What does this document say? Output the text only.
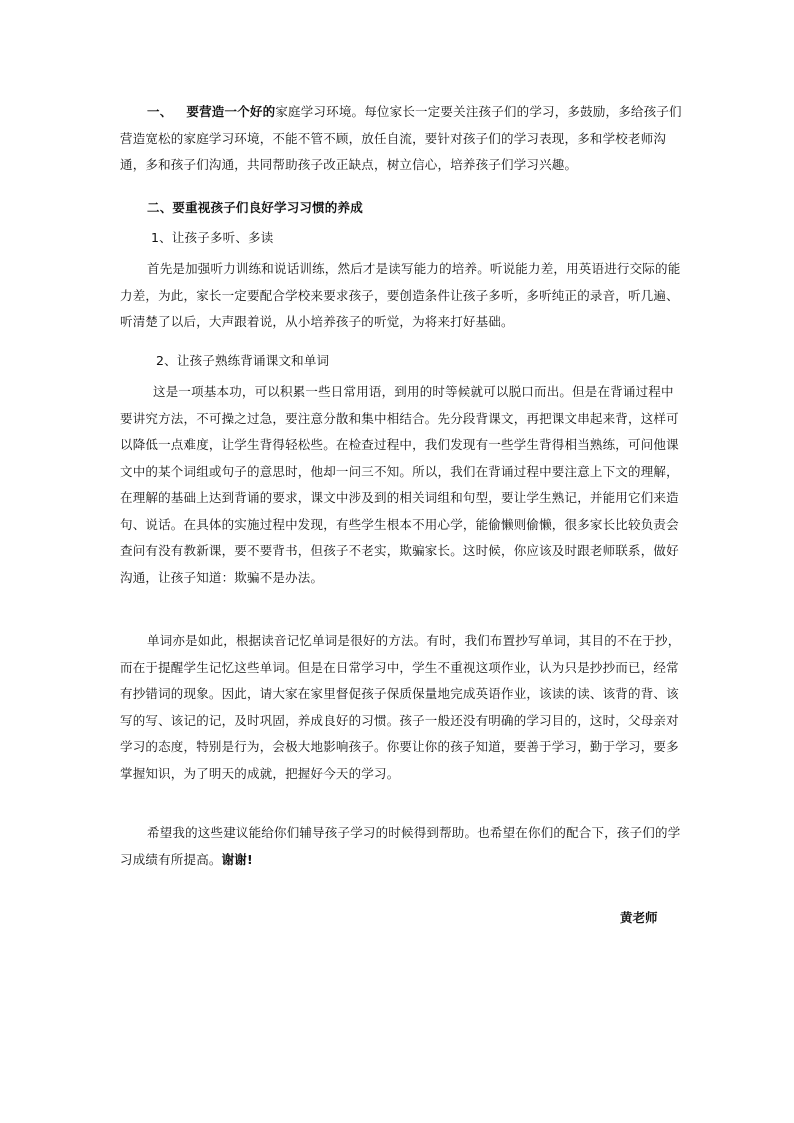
一、 要营造一个好的家庭学习环境。每位家长一定要关注孩子们的学习，多鼓励，多给孩子们营造宽松的家庭学习环境，不能不管不顾，放任自流，要针对孩子们的学习表现，多和学校老师沟通，多和孩子们沟通，共同帮助孩子改正缺点，树立信心，培养孩子们学习兴趣。

二、要重视孩子们良好学习习惯的养成

1、让孩子多听、多读

首先是加强听力训练和说话训练，然后才是读写能力的培养。听说能力差，用英语进行交际的能力差，为此，家长一定要配合学校来要求孩子，要创造条件让孩子多听，多听纯正的录音，听几遍、听清楚了以后，大声跟着说，从小培养孩子的听觉，为将来打好基础。

2、让孩子熟练背诵课文和单词

这是一项基本功，可以积累一些日常用语，到用的时等候就可以脱口而出。但是在背诵过程中要讲究方法，不可操之过急，要注意分散和集中相结合。先分段背课文，再把课文串起来背，这样可以降低一点难度，让学生背得轻松些。在检查过程中，我们发现有一些学生背得相当熟练，可问他课文中的某个词组或句子的意思时，他却一问三不知。所以，我们在背诵过程中要注意上下文的理解，在理解的基础上达到背诵的要求，课文中涉及到的相关词组和句型，要让学生熟记，并能用它们来造句、说话。在具体的实施过程中发现，有些学生根本不用心学，能偷懒则偷懒，很多家长比较负责会查问有没有教新课，要不要背书，但孩子不老实，欺骗家长。这时候，你应该及时跟老师联系，做好沟通，让孩子知道：欺骗不是办法。

单词亦是如此，根据读音记忆单词是很好的方法。有时，我们布置抄写单词，其目的不在于抄，而在于提醒学生记忆这些单词。但是在日常学习中，学生不重视这项作业，认为只是抄抄而已，经常有抄错词的现象。因此，请大家在家里督促孩子保质保量地完成英语作业，该读的读、该背的背、该写的写、该记的记，及时巩固，养成良好的习惯。孩子一般还没有明确的学习目的，这时，父母亲对学习的态度，特别是行为，会极大地影响孩子。你要让你的孩子知道，要善于学习，勤于学习，要多掌握知识，为了明天的成就，把握好今天的学习。

希望我的这些建议能给你们辅导孩子学习的时候得到帮助。也希望在你们的配合下，孩子们的学习成绩有所提高。谢谢!

黄老师
